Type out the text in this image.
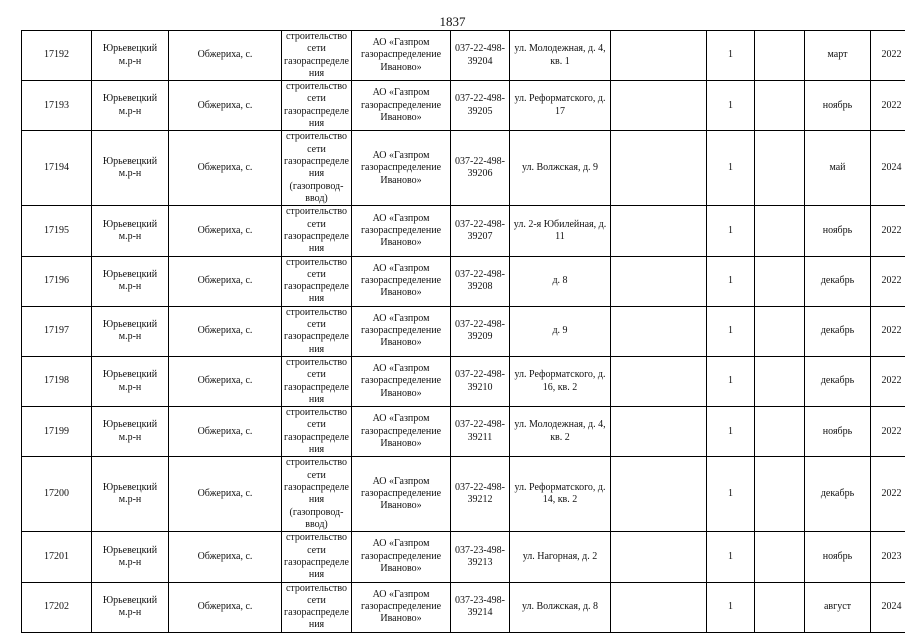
1837
17192	Юрьевецкий м.р-н	Обжериха, с.	строительство сети газораспределения	АО «Газпром газораспределение Иваново»	037-22-498-39204	ул. Молодежная, д. 4, кв. 1		1		март	2022

17193	Юрьевецкий м.р-н	Обжериха, с.	строительство сети газораспределения	АО «Газпром газораспределение Иваново»	037-22-498-39205	ул. Реформатского, д. 17		1		ноябрь	2022

17194	Юрьевецкий м.р-н	Обжериха, с.	строительство сети газораспределения (газопровод-ввод)	АО «Газпром газораспределение Иваново»	037-22-498-39206	ул. Волжская, д. 9		1		май	2024

17195	Юрьевецкий м.р-н	Обжериха, с.	строительство сети газораспределения	АО «Газпром газораспределение Иваново»	037-22-498-39207	ул. 2-я Юбилейная, д. 11		1		ноябрь	2022

17196	Юрьевецкий м.р-н	Обжериха, с.	строительство сети газораспределения	АО «Газпром газораспределение Иваново»	037-22-498-39208	д. 8		1		декабрь	2022

17197	Юрьевецкий м.р-н	Обжериха, с.	строительство сети газораспределения	АО «Газпром газораспределение Иваново»	037-22-498-39209	д. 9		1		декабрь	2022

17198	Юрьевецкий м.р-н	Обжериха, с.	строительство сети газораспределения	АО «Газпром газораспределение Иваново»	037-22-498-39210	ул. Реформатского, д. 16, кв. 2		1		декабрь	2022

17199	Юрьевецкий м.р-н	Обжериха, с.	строительство сети газораспределения	АО «Газпром газораспределение Иваново»	037-22-498-39211	ул. Молодежная, д. 4, кв. 2		1		ноябрь	2022

17200	Юрьевецкий м.р-н	Обжериха, с.	строительство сети газораспределения (газопровод-ввод)	АО «Газпром газораспределение Иваново»	037-22-498-39212	ул. Реформатского, д. 14, кв. 2		1		декабрь	2022

17201	Юрьевецкий м.р-н	Обжериха, с.	строительство сети газораспределения	АО «Газпром газораспределение Иваново»	037-23-498-39213	ул. Нагорная, д. 2		1		ноябрь	2023

17202	Юрьевецкий м.р-н	Обжериха, с.	строительство сети газораспределения	АО «Газпром газораспределение Иваново»	037-23-498-39214	ул. Волжская, д. 8		1		август	2024
